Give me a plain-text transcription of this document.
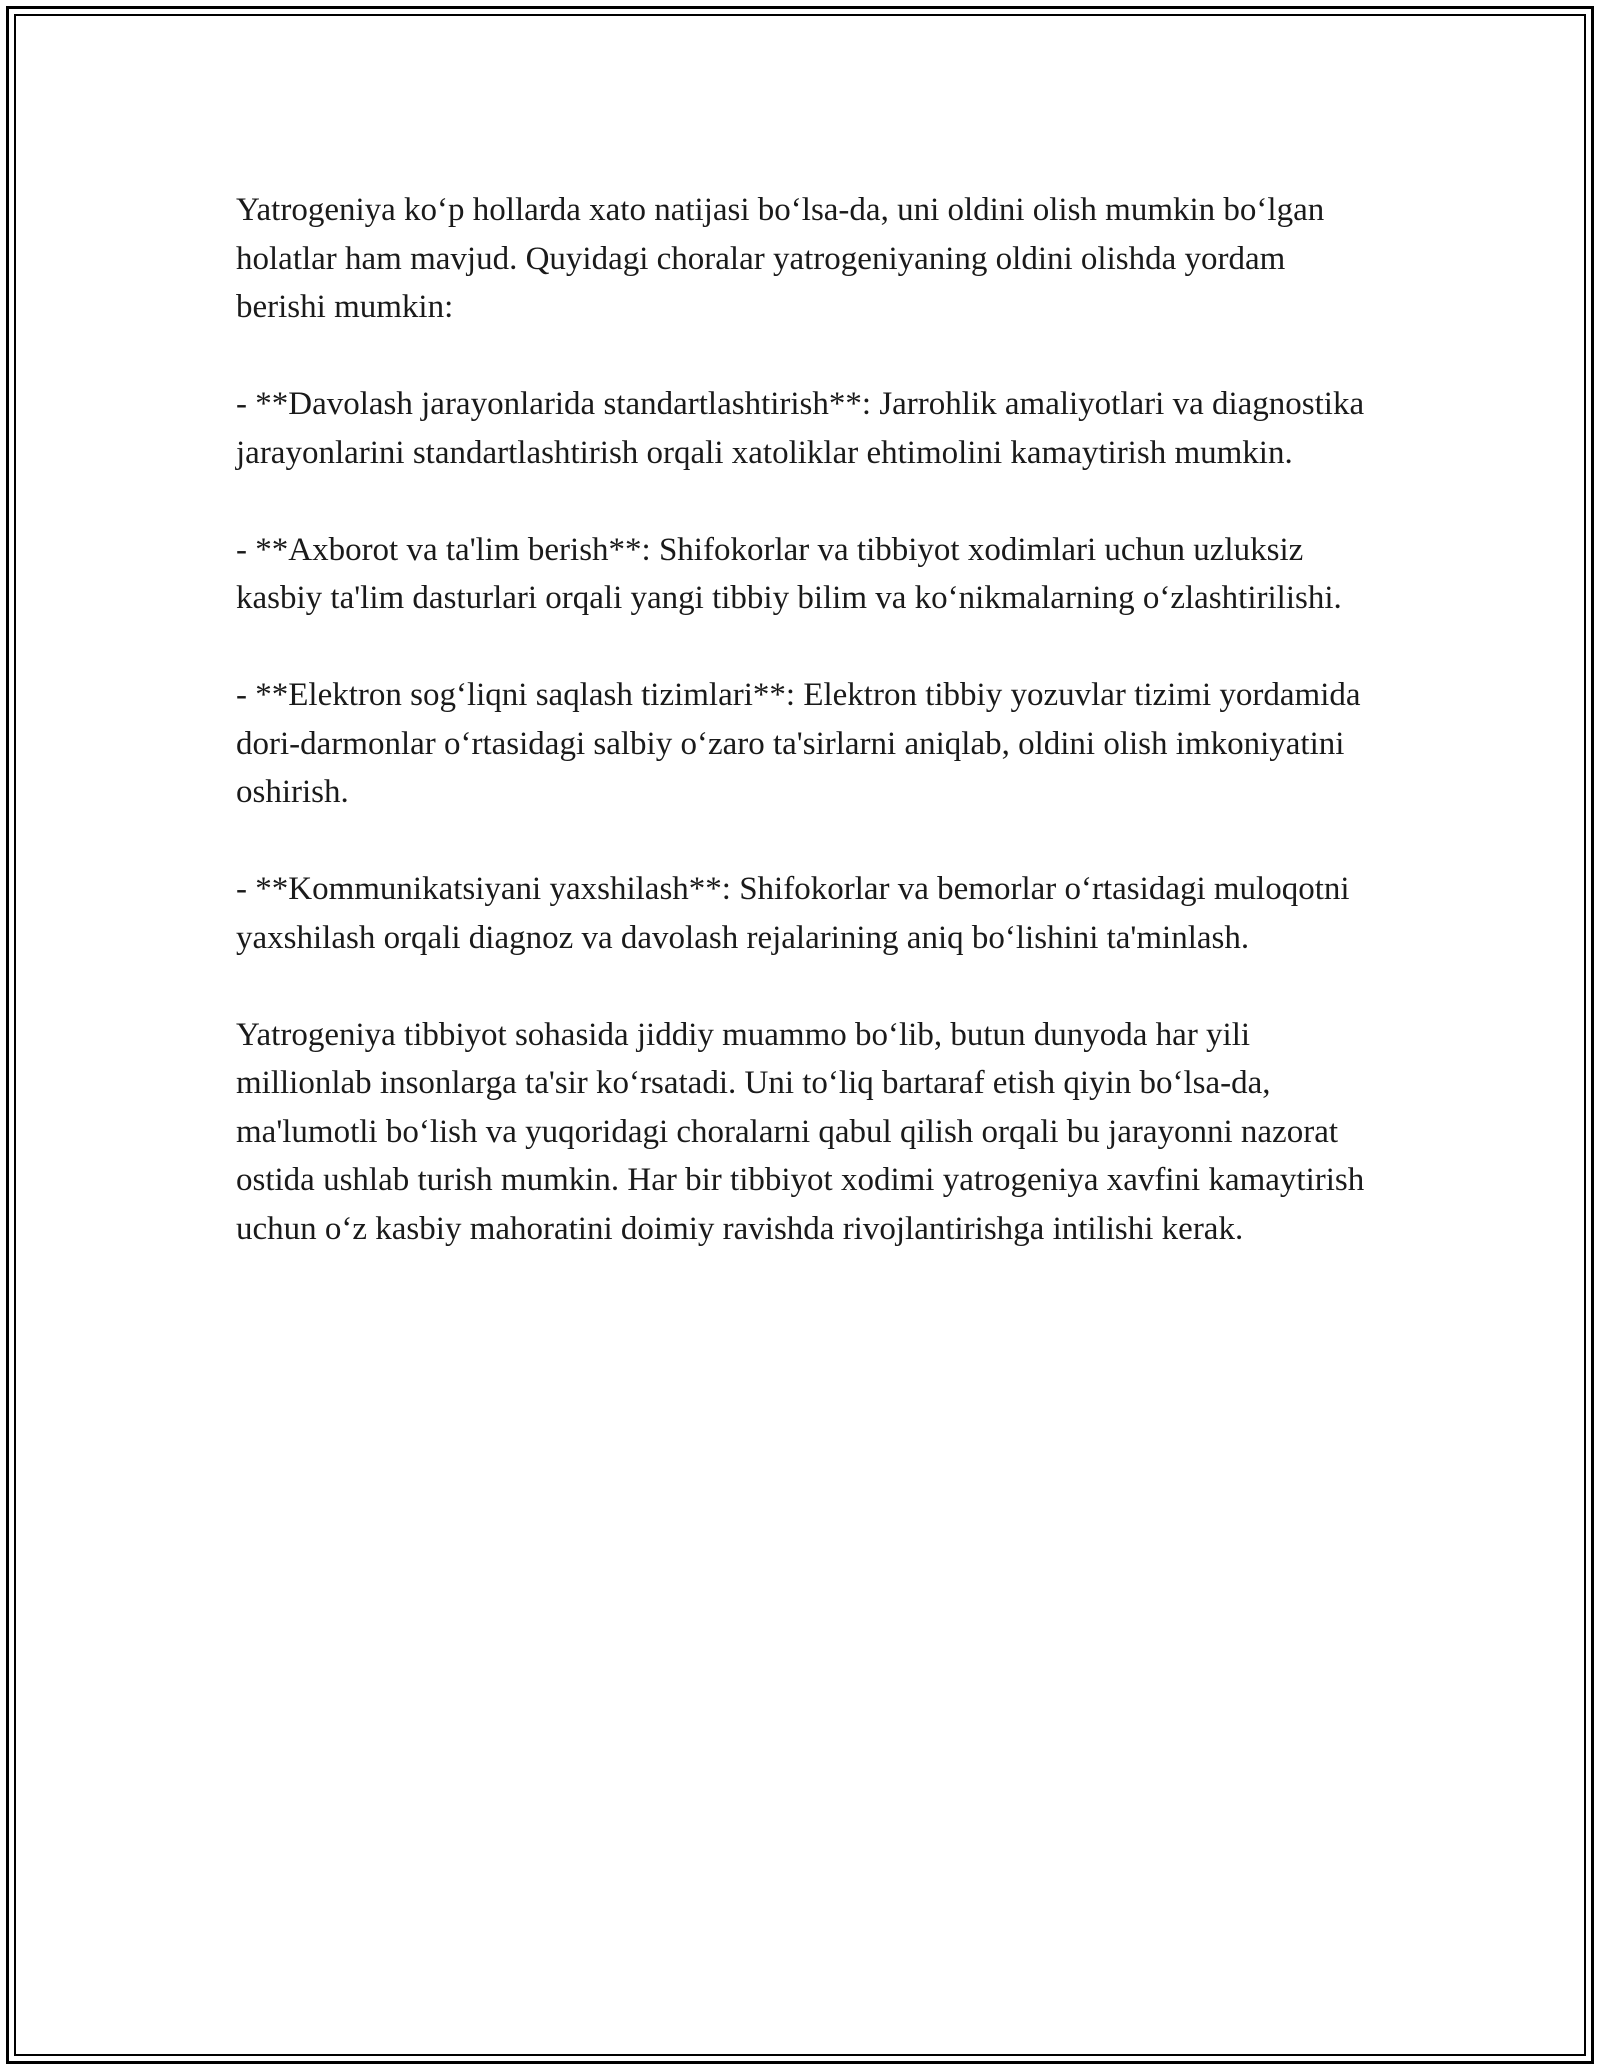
Yatrogeniya ko‘p hollarda xato natijasi bo‘lsa-da, uni oldini olish mumkin bo‘lgan holatlar ham mavjud. Quyidagi choralar yatrogeniyaning oldini olishda yordam berishi mumkin:

- **Davolash jarayonlarida standartlashtirish**: Jarrohlik amaliyotlari va diagnostika jarayonlarini standartlashtirish orqali xatoliklar ehtimolini kamaytirish mumkin.

- **Axborot va ta'lim berish**: Shifokorlar va tibbiyot xodimlari uchun uzluksiz kasbiy ta'lim dasturlari orqali yangi tibbiy bilim va ko‘nikmalarning o‘zlashtirilishi.

- **Elektron sog‘liqni saqlash tizimlari**: Elektron tibbiy yozuvlar tizimi yordamida dori-darmonlar o‘rtasidagi salbiy o‘zaro ta'sirlarni aniqlab, oldini olish imkoniyatini oshirish.

- **Kommunikatsiyani yaxshilash**: Shifokorlar va bemorlar o‘rtasidagi muloqotni yaxshilash orqali diagnoz va davolash rejalarining aniq bo‘lishini ta'minlash.

Yatrogeniya tibbiyot sohasida jiddiy muammo bo‘lib, butun dunyoda har yili millionlab insonlarga ta'sir ko‘rsatadi. Uni to‘liq bartaraf etish qiyin bo‘lsa-da, ma'lumotli bo‘lish va yuqoridagi choralarni qabul qilish orqali bu jarayonni nazorat ostida ushlab turish mumkin. Har bir tibbiyot xodimi yatrogeniya xavfini kamaytirish uchun o‘z kasbiy mahoratini doimiy ravishda rivojlantirishga intilishi kerak.
